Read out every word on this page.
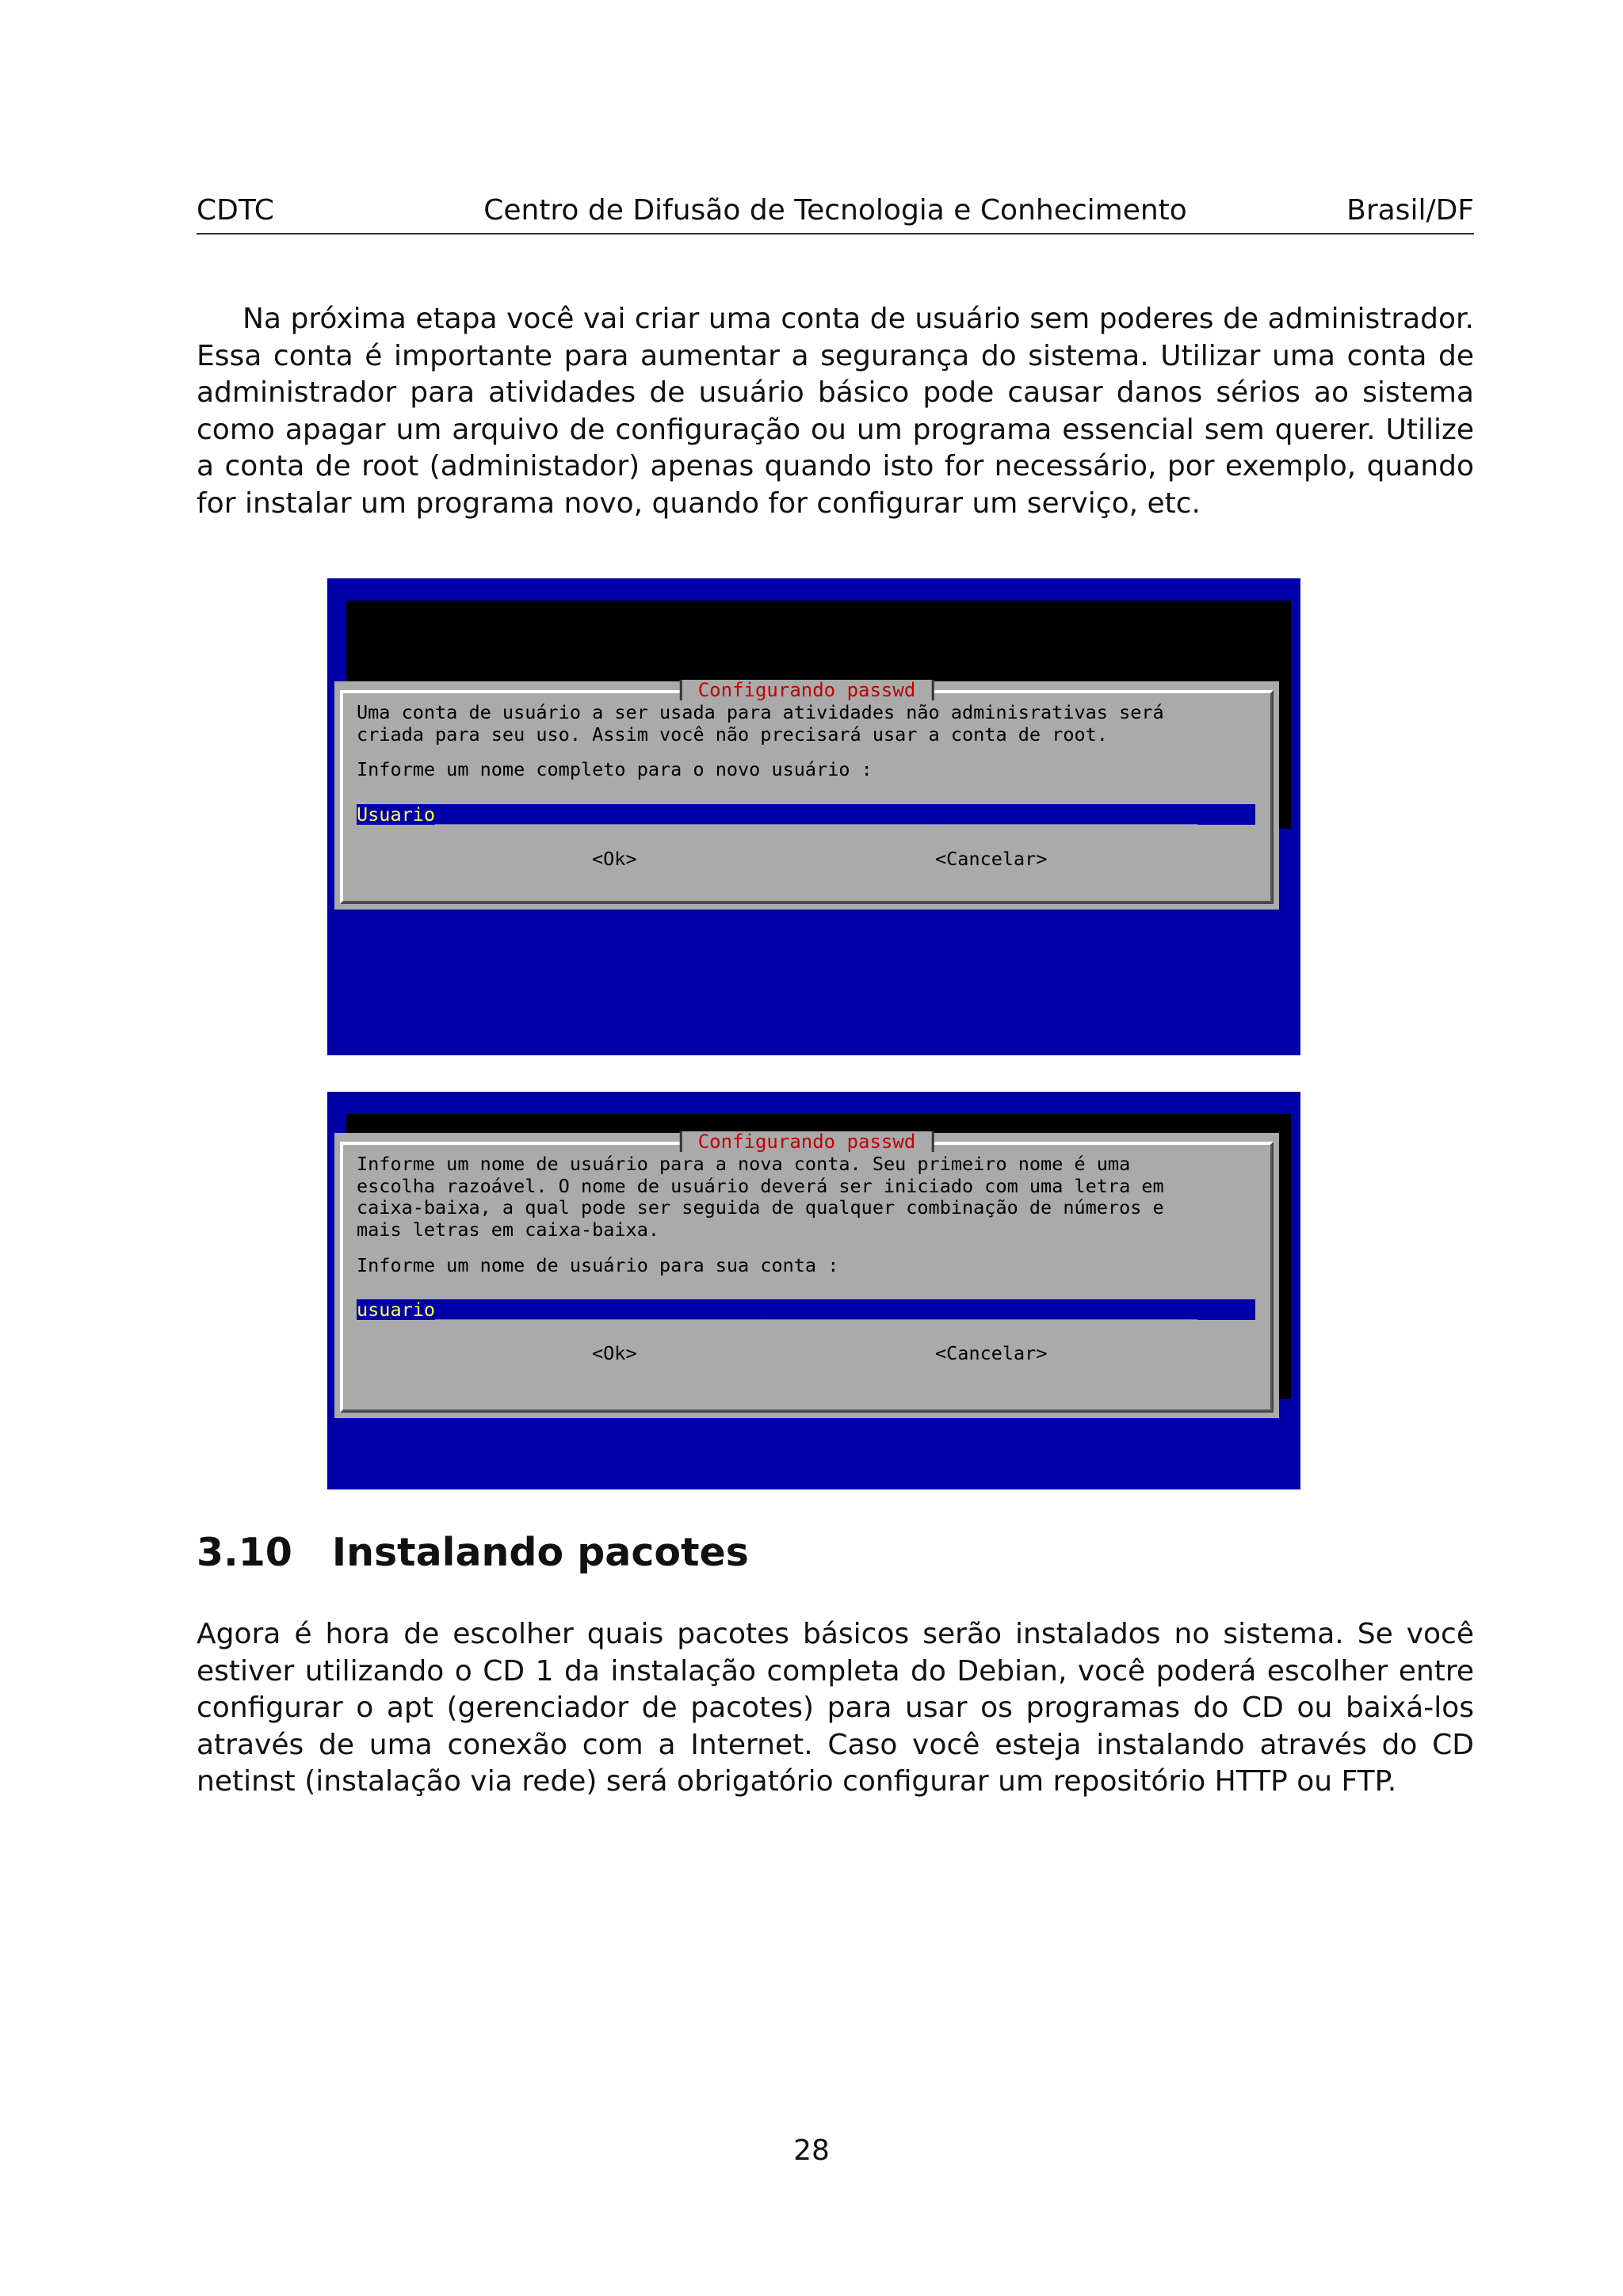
CDTC	Centro de Difusão de Tecnologia e Conhecimento	Brasil/DF

Na próxima etapa você vai criar uma conta de usuário sem poderes de administrador. Essa conta é importante para aumentar a segurança do sistema. Utilizar uma conta de administrador para atividades de usuário básico pode causar danos sérios ao sistema como apagar um arquivo de configuração ou um programa essencial sem querer. Utilize a conta de root (administador) apenas quando isto for necessário, por exemplo, quando for instalar um programa novo, quando for configurar um serviço, etc.

Configurando passwd
Uma conta de usuário a ser usada para atividades não adminisrativas será
criada para seu uso. Assim você não precisará usar a conta de root.
Informe um nome completo para o novo usuário :
Usuario____________________________________________________________________
<Ok>	<Cancelar>
Configurando passwd
Informe um nome de usuário para a nova conta. Seu primeiro nome é uma
escolha razoável. O nome de usuário deverá ser iniciado com uma letra em
caixa-baixa, a qual pode ser seguida de qualquer combinação de números e
mais letras em caixa-baixa.
Informe um nome de usuário para sua conta :
usuario____________________________________________________________________
<Ok>	<Cancelar>
3.10 Instalando pacotes

Agora é hora de escolher quais pacotes básicos serão instalados no sistema. Se você estiver utilizando o CD 1 da instalação completa do Debian, você poderá escolher entre configurar o apt (gerenciador de pacotes) para usar os programas do CD ou baixá-los através de uma conexão com a Internet. Caso você esteja instalando através do CD netinst (instalação via rede) será obrigatório configurar um repositório HTTP ou FTP.

28
